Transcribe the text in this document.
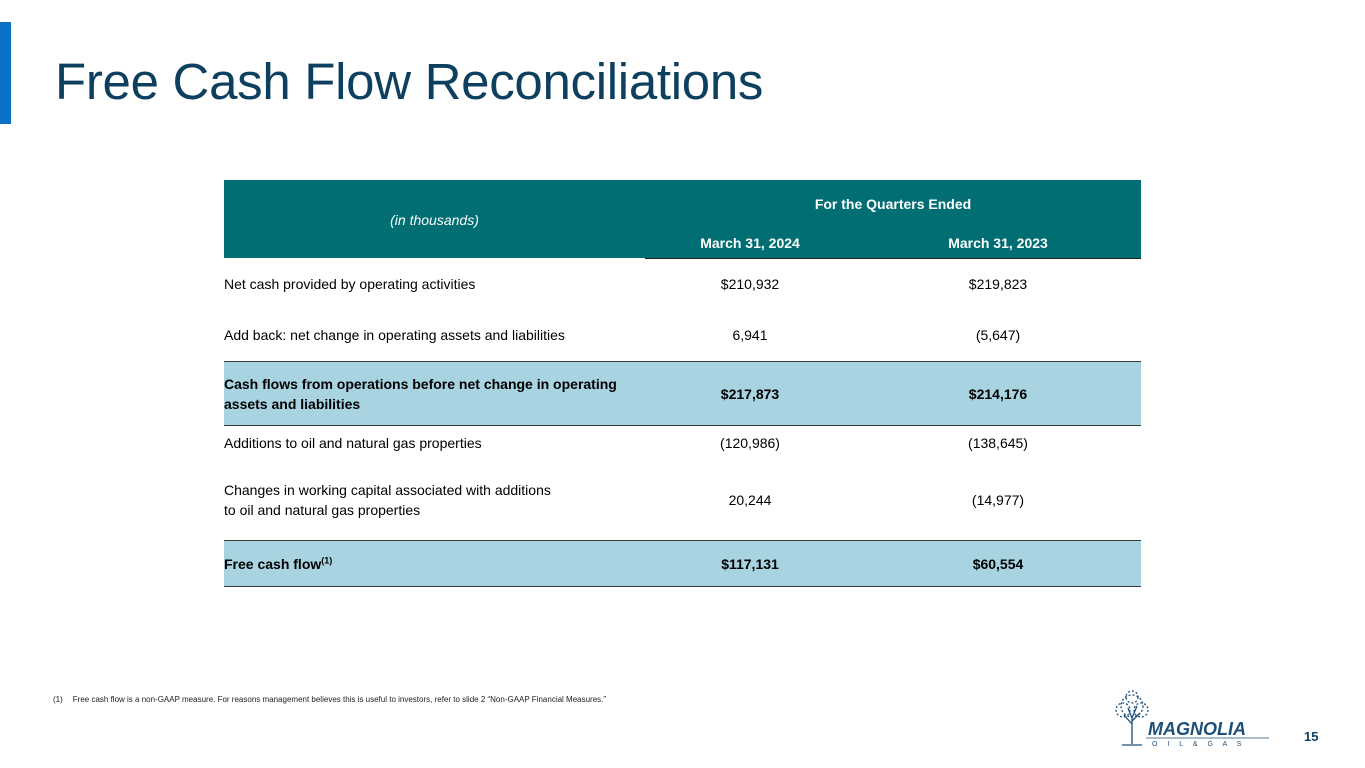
Free Cash Flow Reconciliations
(in thousands)
For the Quarters Ended
March 31, 2024	March 31, 2023
Net cash provided by operating activities	$210,932	$219,823
Add back: net change in operating assets and liabilities	6,941	(5,647)
Cash flows from operations before net change in operating
assets and liabilities
$217,873	$214,176
Additions to oil and natural gas properties	(120,986)	(138,645)
Changes in working capital associated with additions
to oil and natural gas properties
20,244	(14,977)
Free cash flow$^{(1)}$	$117,131	$60,554
(1) Free cash flow is a non-GAAP measure. For reasons management believes this is useful to investors, refer to slide 2 “Non-GAAP Financial Measures.”
MAGNOLIA
O I L & G A S
15
